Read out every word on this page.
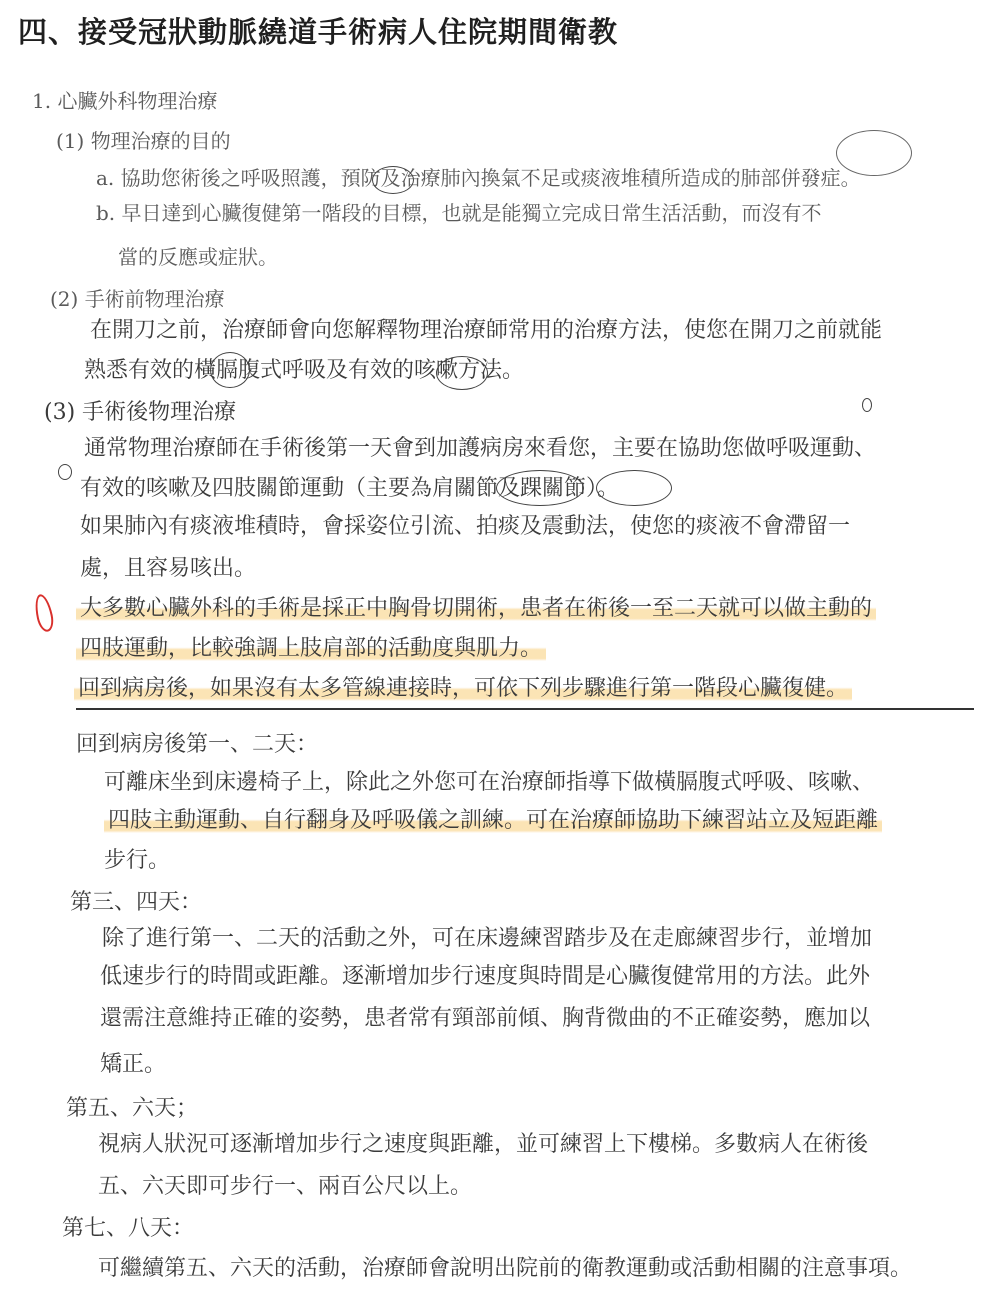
四、接受冠狀動脈繞道手術病人住院期間衛教
1. 心臟外科物理治療
(1) 物理治療的目的
a. 協助您術後之呼吸照護，預防及治療肺內換氣不足或痰液堆積所造成的肺部併發症。
b. 早日達到心臟復健第一階段的目標，也就是能獨立完成日常生活活動，而沒有不
當的反應或症狀。
(2) 手術前物理治療
在開刀之前，治療師會向您解釋物理治療師常用的治療方法，使您在開刀之前就能
熟悉有效的橫膈腹式呼吸及有效的咳嗽方法。
(3) 手術後物理治療
通常物理治療師在手術後第一天會到加護病房來看您，主要在協助您做呼吸運動、
有效的咳嗽及四肢關節運動（主要為肩關節及踝關節）。
如果肺內有痰液堆積時，會採姿位引流、拍痰及震動法，使您的痰液不會滯留一
處，且容易咳出。
大多數心臟外科的手術是採正中胸骨切開術，患者在術後一至二天就可以做主動的
四肢運動，比較強調上肢肩部的活動度與肌力。
回到病房後，如果沒有太多管線連接時，可依下列步驟進行第一階段心臟復健。
回到病房後第一、二天：
可離床坐到床邊椅子上，除此之外您可在治療師指導下做橫膈腹式呼吸、咳嗽、
四肢主動運動、自行翻身及呼吸儀之訓練。可在治療師協助下練習站立及短距離
步行。
第三、四天：
除了進行第一、二天的活動之外，可在床邊練習踏步及在走廊練習步行，並增加
低速步行的時間或距離。逐漸增加步行速度與時間是心臟復健常用的方法。此外
還需注意維持正確的姿勢，患者常有頸部前傾、胸背微曲的不正確姿勢，應加以
矯正。
第五、六天；
視病人狀況可逐漸增加步行之速度與距離，並可練習上下樓梯。多數病人在術後
五、六天即可步行一、兩百公尺以上。
第七、八天：
可繼續第五、六天的活動，治療師會說明出院前的衛教運動或活動相關的注意事項。
